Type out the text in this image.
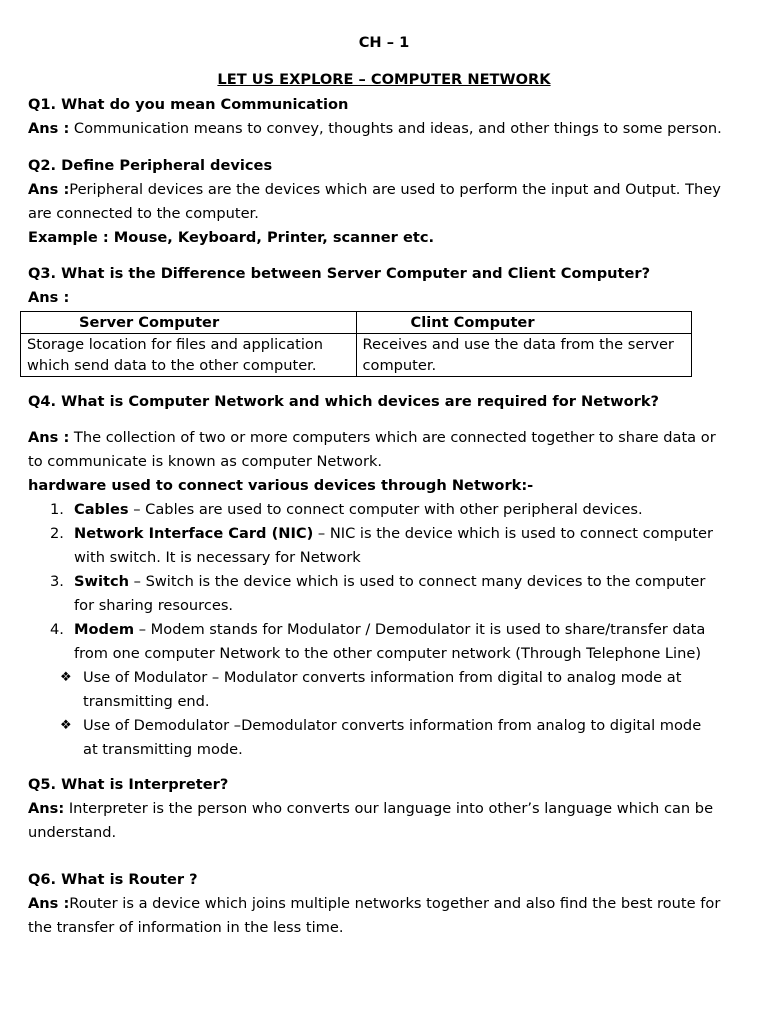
CH – 1
LET US EXPLORE – COMPUTER NETWORK
Q1. What do you mean Communication
Ans : Communication means to convey, thoughts and ideas, and other things to some person.
Q2. Define Peripheral devices
Ans :Peripheral devices are the devices which are used to perform the input and Output. They
are connected to the computer.
Example : Mouse, Keyboard, Printer, scanner etc.
Q3. What is the Difference between Server Computer and Client Computer?
Ans :
Server Computer	Clint Computer
Storage location for files and application which send data to the other computer.	Receives and use the data from the server computer.
Q4. What is Computer Network and which devices are required for Network?
Ans : The collection of two or more computers which are connected together to share data or
to communicate is known as computer Network.
hardware used to connect various devices through Network:-
1. Cables – Cables are used to connect computer with other peripheral devices.
2. Network Interface Card (NIC) – NIC is the device which is used to connect computer
with switch. It is necessary for Network
3. Switch – Switch is the device which is used to connect many devices to the computer
for sharing resources.
4. Modem – Modem stands for Modulator / Demodulator it is used to share/transfer data
from one computer Network to the other computer network (Through Telephone Line)
❖ Use of Modulator – Modulator converts information from digital to analog mode at
transmitting end.
❖ Use of Demodulator –Demodulator converts information from analog to digital mode
at transmitting mode.
Q5. What is Interpreter?
Ans: Interpreter is the person who converts our language into other’s language which can be
understand.
Q6. What is Router ?
Ans :Router is a device which joins multiple networks together and also find the best route for
the transfer of information in the less time.
